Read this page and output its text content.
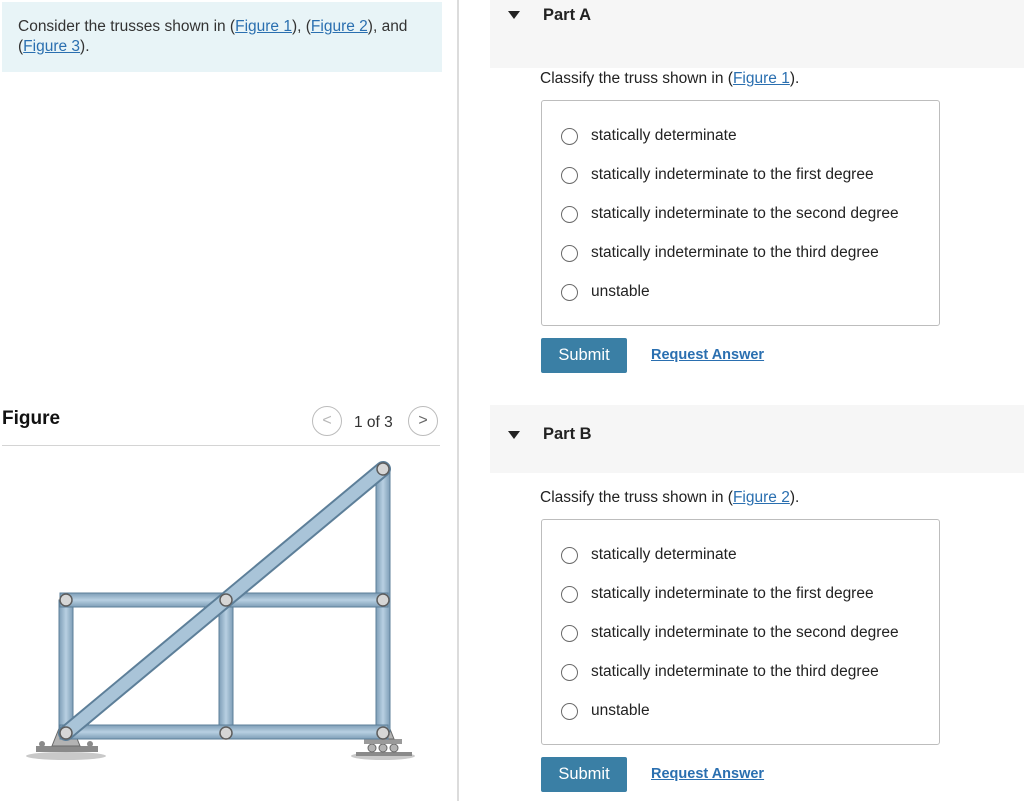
Consider the trusses shown in (Figure 1), (Figure 2), and
(Figure 3).
Figure	< 1 of 3 >
Part A
Classify the truss shown in (Figure 1).
statically determinate
statically indeterminate to the first degree
statically indeterminate to the second degree
statically indeterminate to the third degree
unstable
Submit	Request Answer
Part B
Classify the truss shown in (Figure 2).
statically determinate
statically indeterminate to the first degree
statically indeterminate to the second degree
statically indeterminate to the third degree
unstable
Submit	Request Answer
